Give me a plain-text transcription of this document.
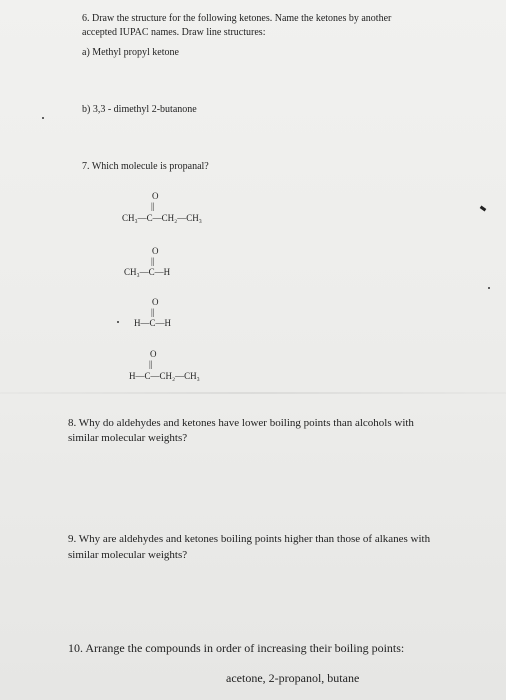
6. Draw the structure for the following ketones. Name the ketones by another
accepted IUPAC names. Draw line structures:
a) Methyl propyl ketone
b) 3,3 - dimethyl 2-butanone
7. Which molecule is propanal?
O
||
CH₃—C—CH₂—CH₃
O
||
CH₃—C—H
O
||
H—C—H
O
||
H—C—CH₂—CH₃
8. Why do aldehydes and ketones have lower boiling points than alcohols with
similar molecular weights?
9. Why are aldehydes and ketones boiling points higher than those of alkanes with
similar molecular weights?
10. Arrange the compounds in order of increasing their boiling points:
acetone, 2-propanol, butane
